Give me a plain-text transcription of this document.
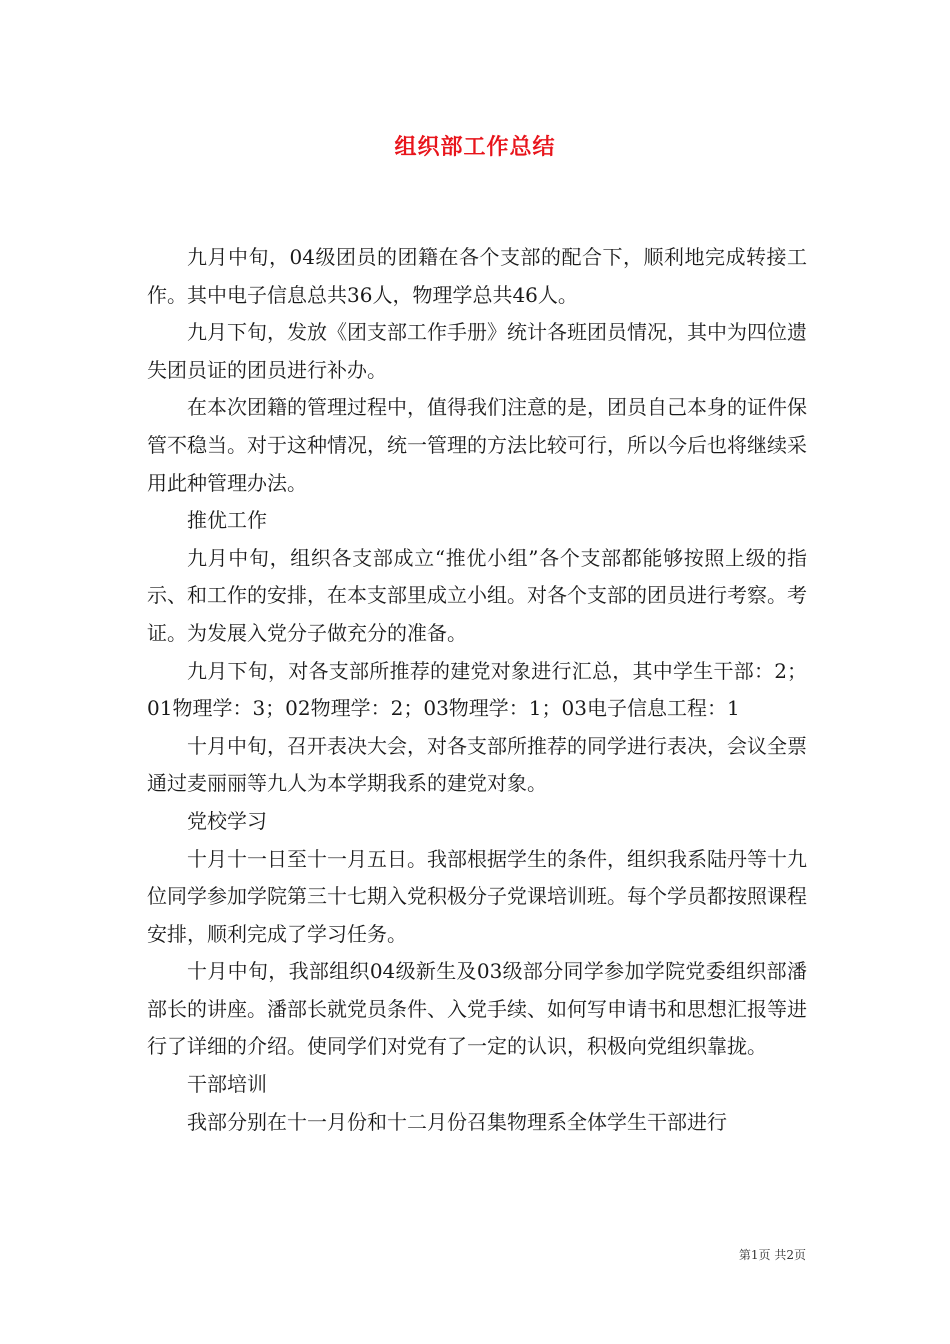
组织部工作总结

九月中旬，04级团员的团籍在各个支部的配合下，顺利地完成转接工作。其中电子信息总共36人，物理学总共46人。

九月下旬，发放《团支部工作手册》统计各班团员情况，其中为四位遗失团员证的团员进行补办。

在本次团籍的管理过程中，值得我们注意的是，团员自己本身的证件保管不稳当。对于这种情况，统一管理的方法比较可行，所以今后也将继续采用此种管理办法。

推优工作

九月中旬，组织各支部成立“推优小组”各个支部都能够按照上级的指示、和工作的安排，在本支部里成立小组。对各个支部的团员进行考察。考证。为发展入党分子做充分的准备。

九月下旬，对各支部所推荐的建党对象进行汇总，其中学生干部：2；01物理学：3；02物理学：2；03物理学：1；03电子信息工程：1

十月中旬，召开表决大会，对各支部所推荐的同学进行表决，会议全票通过麦丽丽等九人为本学期我系的建党对象。

党校学习

十月十一日至十一月五日。我部根据学生的条件，组织我系陆丹等十九位同学参加学院第三十七期入党积极分子党课培训班。每个学员都按照课程安排，顺利完成了学习任务。

十月中旬，我部组织04级新生及03级部分同学参加学院党委组织部潘部长的讲座。潘部长就党员条件、入党手续、如何写申请书和思想汇报等进行了详细的介绍。使同学们对党有了一定的认识，积极向党组织靠拢。

干部培训

我部分别在十一月份和十二月份召集物理系全体学生干部进行

第1页 共2页
